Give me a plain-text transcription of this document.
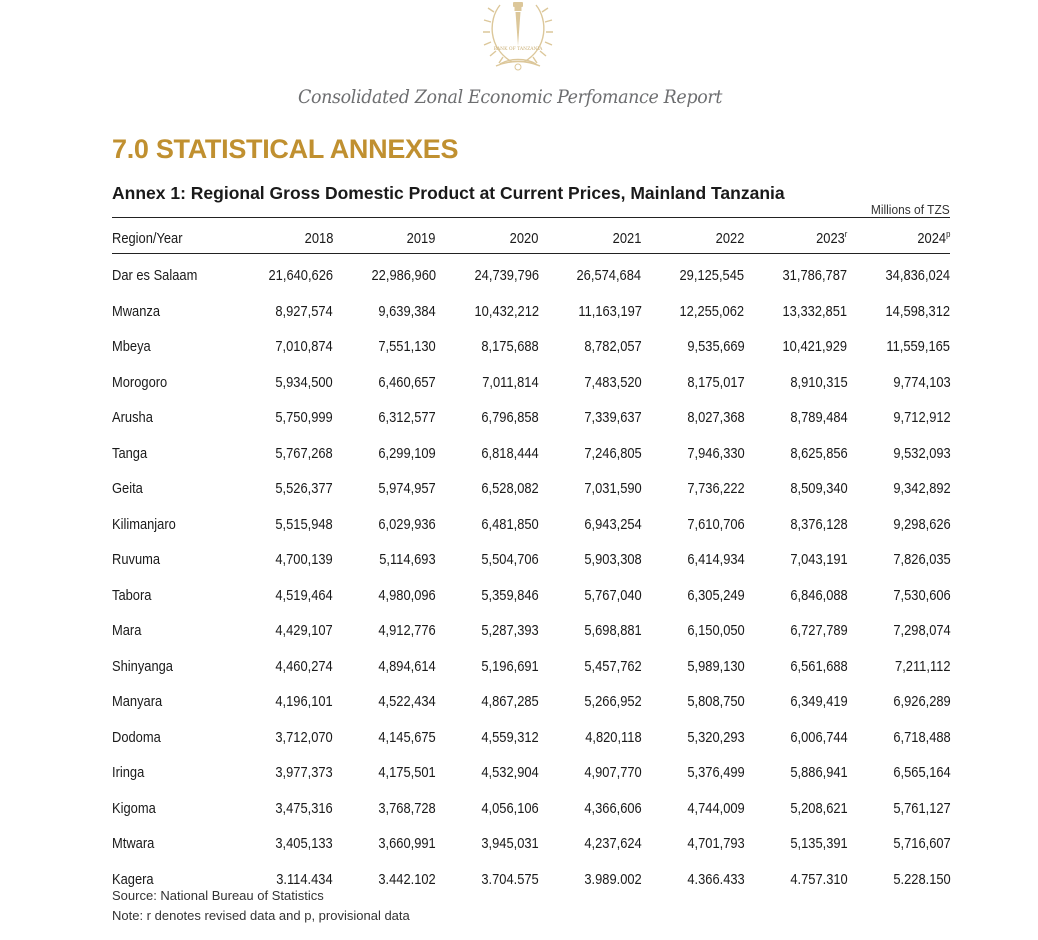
BANK OF TANZANIA
Consolidated Zonal Economic Perfomance Report
7.0 STATISTICAL ANNEXES
Annex 1: Regional Gross Domestic Product at Current Prices, Mainland Tanzania
Millions of TZS
Region/Year	2018	2019	2020	2021	2022	2023$^r$	2024$^p$
Dar es Salaam	21,640,626	22,986,960	24,739,796	26,574,684	29,125,545	31,786,787	34,836,024
Mwanza	8,927,574	9,639,384	10,432,212	11,163,197	12,255,062	13,332,851	14,598,312
Mbeya	7,010,874	7,551,130	8,175,688	8,782,057	9,535,669	10,421,929	11,559,165
Morogoro	5,934,500	6,460,657	7,011,814	7,483,520	8,175,017	8,910,315	9,774,103
Arusha	5,750,999	6,312,577	6,796,858	7,339,637	8,027,368	8,789,484	9,712,912
Tanga	5,767,268	6,299,109	6,818,444	7,246,805	7,946,330	8,625,856	9,532,093
Geita	5,526,377	5,974,957	6,528,082	7,031,590	7,736,222	8,509,340	9,342,892
Kilimanjaro	5,515,948	6,029,936	6,481,850	6,943,254	7,610,706	8,376,128	9,298,626
Ruvuma	4,700,139	5,114,693	5,504,706	5,903,308	6,414,934	7,043,191	7,826,035
Tabora	4,519,464	4,980,096	5,359,846	5,767,040	6,305,249	6,846,088	7,530,606
Mara	4,429,107	4,912,776	5,287,393	5,698,881	6,150,050	6,727,789	7,298,074
Shinyanga	4,460,274	4,894,614	5,196,691	5,457,762	5,989,130	6,561,688	7,211,112
Manyara	4,196,101	4,522,434	4,867,285	5,266,952	5,808,750	6,349,419	6,926,289
Dodoma	3,712,070	4,145,675	4,559,312	4,820,118	5,320,293	6,006,744	6,718,488
Iringa	3,977,373	4,175,501	4,532,904	4,907,770	5,376,499	5,886,941	6,565,164
Kigoma	3,475,316	3,768,728	4,056,106	4,366,606	4,744,009	5,208,621	5,761,127
Mtwara	3,405,133	3,660,991	3,945,031	4,237,624	4,701,793	5,135,391	5,716,607
Kagera	3.114.434	3.442.102	3.704.575	3.989.002	4.366.433	4.757.310	5.228.150
Source: National Bureau of Statistics
Note: r denotes revised data and p, provisional data
